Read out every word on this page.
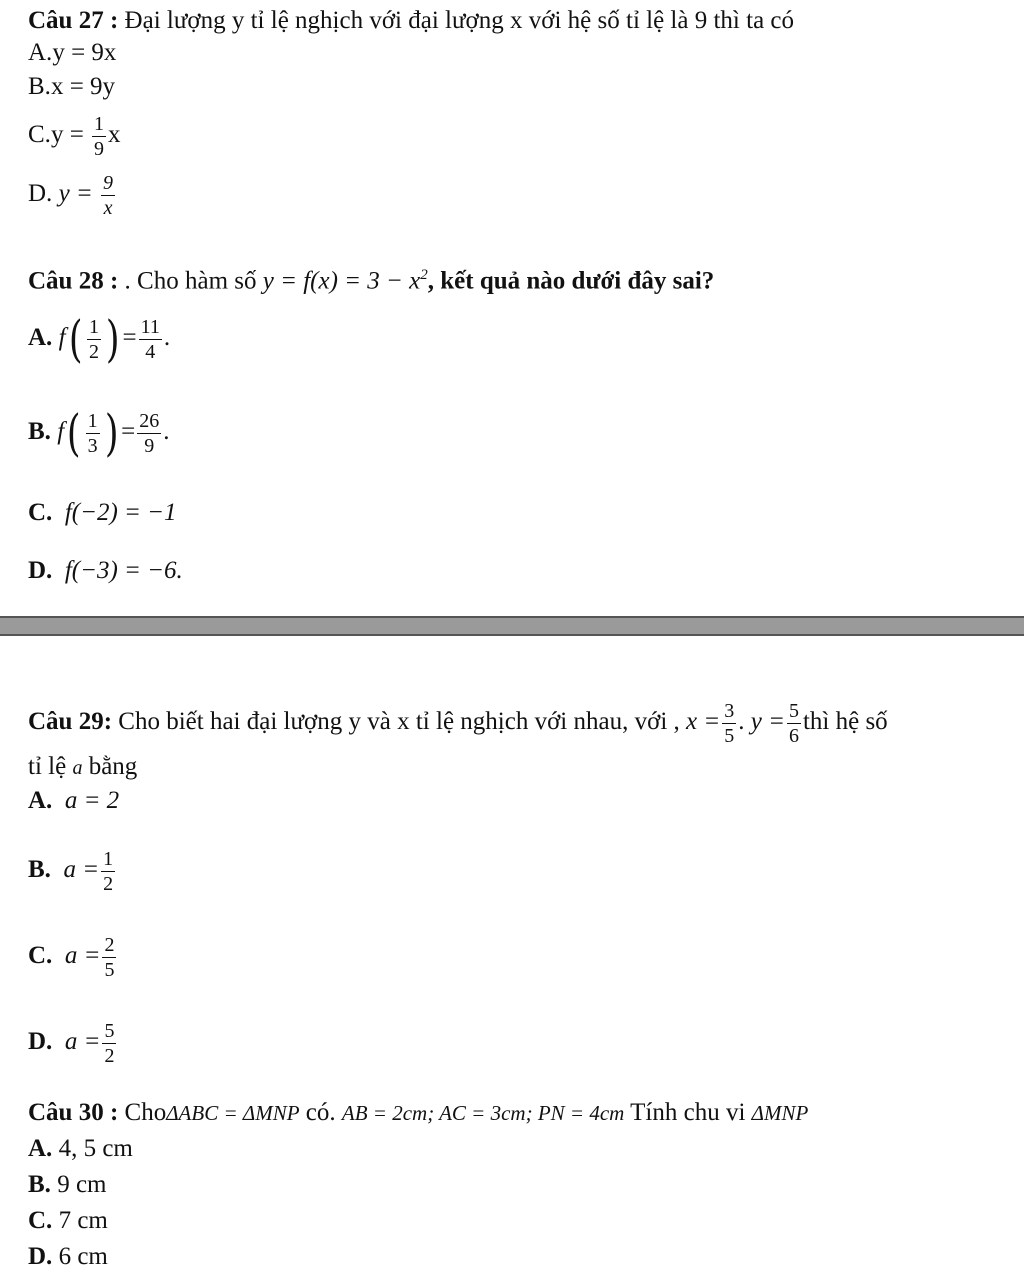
Câu 27 : Đại lượng y tỉ lệ nghịch với đại lượng x với hệ số tỉ lệ là 9 thì ta có
A.y = 9x
B.x = 9y
$C.y = \frac{1}{9}$ x
D. $y = \frac{9}{x}$
Câu 28 : . Cho hàm số $y = f(x) = 3 - x^2$, kết quả nào dưới đây sai?
A. $f( \frac{1}{2}$ ) = $\frac{11}{4}$ .
B. $f( \frac{1}{3}$ ) = $\frac{26}{9}$ .
C. f(−2) = −1
D. f(−3) = −6.
Câu 29: Cho biết hai đại lượng y và x tỉ lệ nghịch với nhau, với , $x = \frac{3}{5}$ . $y = \frac{5}{6}$ thì hệ số
tỉ lệ a bằng
A. a = 2
B. $a = \frac{1}{2}$
C. $a = \frac{2}{5}$
D. $a = \frac{5}{2}$
Câu 30 : ChoΔABC = ΔMNP có. AB = 2cm; AC = 3cm; PN = 4cm Tính chu vi ΔMNP
A. 4, 5 cm
B. 9 cm
C. 7 cm
D. 6 cm
